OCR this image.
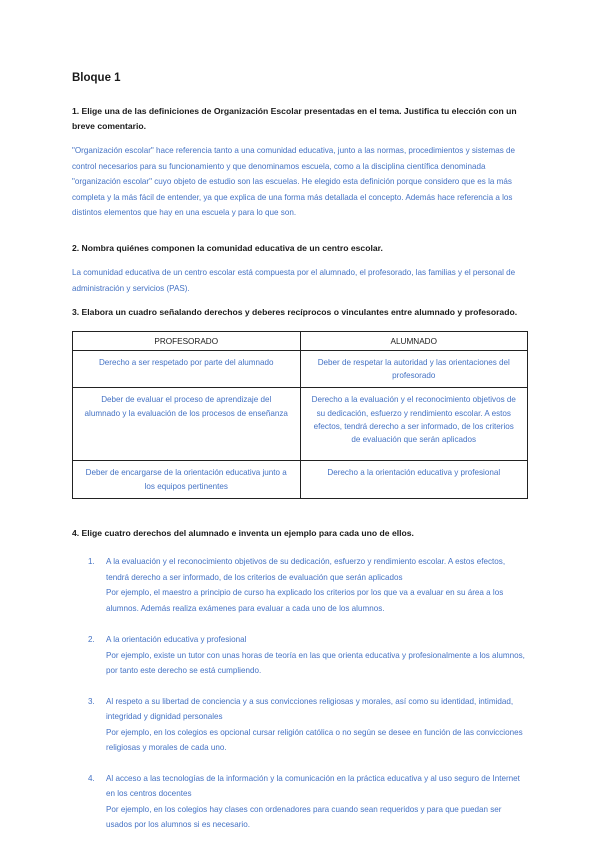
Bloque 1

1. Elige una de las definiciones de Organización Escolar presentadas en el tema. Justifica tu elección con un breve comentario.

"Organización escolar" hace referencia tanto a una comunidad educativa, junto a las normas, procedimientos y sistemas de control necesarios para su funcionamiento y que denominamos escuela, como a la disciplina científica denominada "organización escolar" cuyo objeto de estudio son las escuelas. He elegido esta definición porque considero que es la más completa y la más fácil de entender, ya que explica de una forma más detallada el concepto. Además hace referencia a los distintos elementos que hay en una escuela y para lo que son.

2. Nombra quiénes componen la comunidad educativa de un centro escolar.

La comunidad educativa de un centro escolar está compuesta por el alumnado, el profesorado, las familias y el personal de administración y servicios (PAS).

3. Elabora un cuadro señalando derechos y deberes recíprocos o vinculantes entre alumnado y profesorado.

PROFESORADO	ALUMNADO
Derecho a ser respetado por parte del alumnado	Deber de respetar la autoridad y las orientaciones del profesorado
Deber de evaluar el proceso de aprendizaje del alumnado y la evaluación de los procesos de enseñanza	Derecho a la evaluación y el reconocimiento objetivos de su dedicación, esfuerzo y rendimiento escolar. A estos efectos, tendrá derecho a ser informado, de los criterios de evaluación que serán aplicados
Deber de encargarse de la orientación educativa junto a los equipos pertinentes	Derecho a la orientación educativa y profesional

4. Elige cuatro derechos del alumnado e inventa un ejemplo para cada uno de ellos.

1. A la evaluación y el reconocimiento objetivos de su dedicación, esfuerzo y rendimiento escolar. A estos efectos, tendrá derecho a ser informado, de los criterios de evaluación que serán aplicados

Por ejemplo, el maestro a principio de curso ha explicado los criterios por los que va a evaluar en su área a los alumnos. Además realiza exámenes para evaluar a cada uno de los alumnos.

2. A la orientación educativa y profesional

Por ejemplo, existe un tutor con unas horas de teoría en las que orienta educativa y profesionalmente a los alumnos, por tanto este derecho se está cumpliendo.

3. Al respeto a su libertad de conciencia y a sus convicciones religiosas y morales, así como su identidad, intimidad, integridad y dignidad personales

Por ejemplo, en los colegios es opcional cursar religión católica o no según se desee en función de las convicciones religiosas y morales de cada uno.

4. Al acceso a las tecnologías de la información y la comunicación en la práctica educativa y al uso seguro de Internet en los centros docentes

Por ejemplo, en los colegios hay clases con ordenadores para cuando sean requeridos y para que puedan ser usados por los alumnos si es necesario.
